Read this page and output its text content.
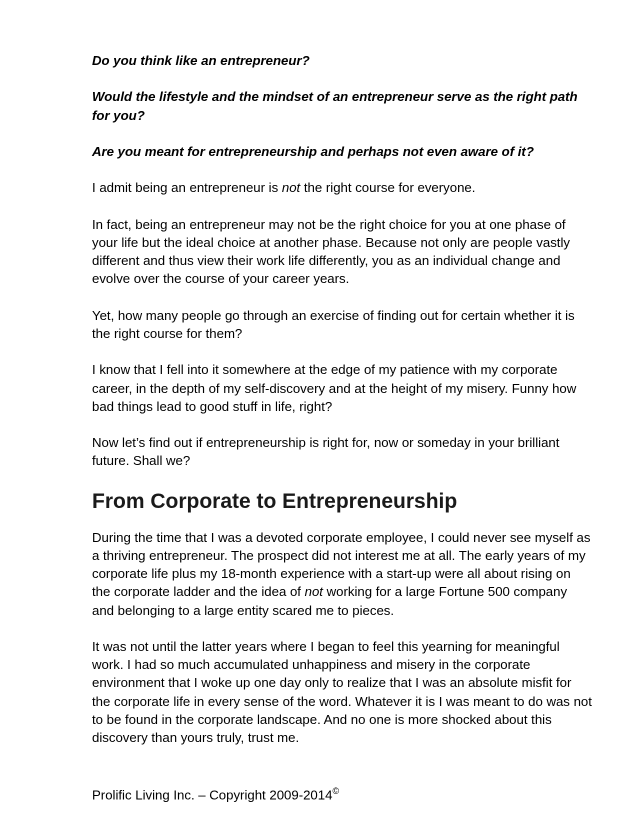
Do you think like an entrepreneur?

Would the lifestyle and the mindset of an entrepreneur serve as the right path for you?

Are you meant for entrepreneurship and perhaps not even aware of it?

I admit being an entrepreneur is not the right course for everyone.

In fact, being an entrepreneur may not be the right choice for you at one phase of your life but the ideal choice at another phase. Because not only are people vastly different and thus view their work life differently, you as an individual change and evolve over the course of your career years.

Yet, how many people go through an exercise of finding out for certain whether it is the right course for them?

I know that I fell into it somewhere at the edge of my patience with my corporate career, in the depth of my self-discovery and at the height of my misery. Funny how bad things lead to good stuff in life, right?

Now let’s find out if entrepreneurship is right for, now or someday in your brilliant future. Shall we?

From Corporate to Entrepreneurship

During the time that I was a devoted corporate employee, I could never see myself as a thriving entrepreneur. The prospect did not interest me at all. The early years of my corporate life plus my 18-month experience with a start-up were all about rising on the corporate ladder and the idea of not working for a large Fortune 500 company and belonging to a large entity scared me to pieces.

It was not until the latter years where I began to feel this yearning for meaningful work. I had so much accumulated unhappiness and misery in the corporate environment that I woke up one day only to realize that I was an absolute misfit for the corporate life in every sense of the word. Whatever it is I was meant to do was not to be found in the corporate landscape. And no one is more shocked about this discovery than yours truly, trust me.

Prolific Living Inc. – Copyright 2009-2014©
